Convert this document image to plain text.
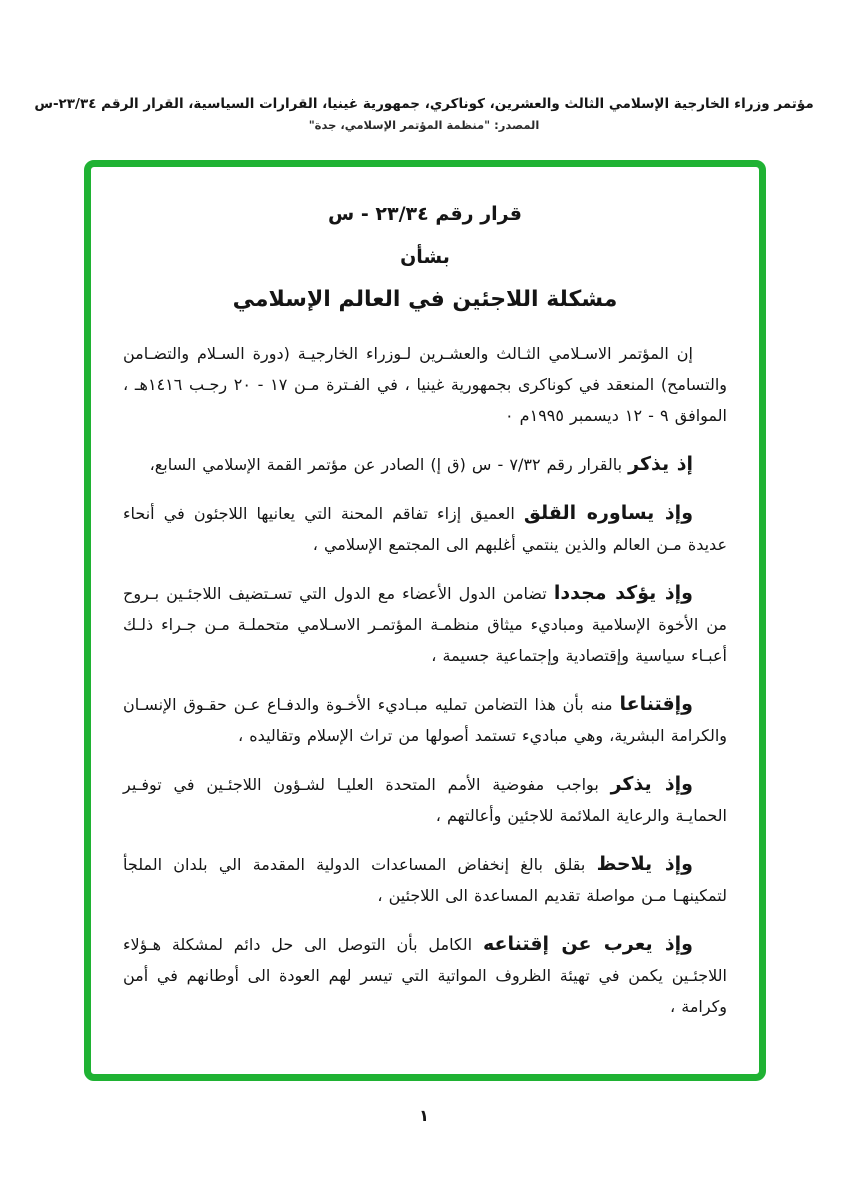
مؤتمر وزراء الخارجية الإسلامي الثالث والعشرين، كوناكري، جمهورية غينيا، القرارات السياسية، القرار الرقم ٢٣/٣٤-س
المصدر: "منظمة المؤتمر الإسلامي، جدة"
قرار رقم ٢٣/٣٤ - س
بشأن
مشكلة اللاجئين في العالم الإسلامي

إن المؤتمر الاسـلامي الثـالث والعشـرين لـوزراء الخارجيـة (دورة السـلام والتضـامن والتسامح) المنعقد في كوناكرى بجمهورية غينيا ، في الفـترة مـن ١٧ - ٢٠ رجـب ١٤١٦هـ ، الموافق ٩ - ١٢ ديسمبر ١٩٩٥م ٠

إذ يذكر بالقرار رقم ٧/٣٢ - س (ق إ) الصادر عن مؤتمر القمة الإسلامي السابع،

وإذ يساوره القلق العميق إزاء تفاقم المحنة التي يعانيها اللاجئون في أنحاء عديدة مـن العالم والذين ينتمي أغلبهم الى المجتمع الإسلامي ،

وإذ يؤكد مجددا تضامن الدول الأعضاء مع الدول التي تسـتضيف اللاجئـين بـروح من الأخوة الإسلامية ومباديء ميثاق منظمـة المؤتمـر الاسـلامي متحملـة مـن جـراء ذلـك أعبـاء سياسية وإقتصادية وإجتماعية جسيمة ،

وإقتناعا منه بأن هذا التضامن تمليه مبـاديء الأخـوة والدفـاع عـن حقـوق الإنسـان والكرامة البشرية، وهي مباديء تستمد أصولها من تراث الإسلام وتقاليده ،

وإذ يذكر بواجب مفوضية الأمم المتحدة العليـا لشـؤون اللاجئـين في توفـير الحمايـة والرعاية الملائمة للاجئين وأعالتهم ،

وإذ يلاحظ بقلق بالغ إنخفاض المساعدات الدولية المقدمة الي بلدان الملجأ لتمكينهـا مـن مواصلة تقديم المساعدة الى اللاجئين ،

وإذ يعرب عن إقتناعه الكامل بأن التوصل الى حل دائم لمشكلة هـؤلاء اللاجئـين يكمن في تهيئة الظروف المواتية التي تيسر لهم العودة الى أوطانهم في أمن وكرامة ،

١
